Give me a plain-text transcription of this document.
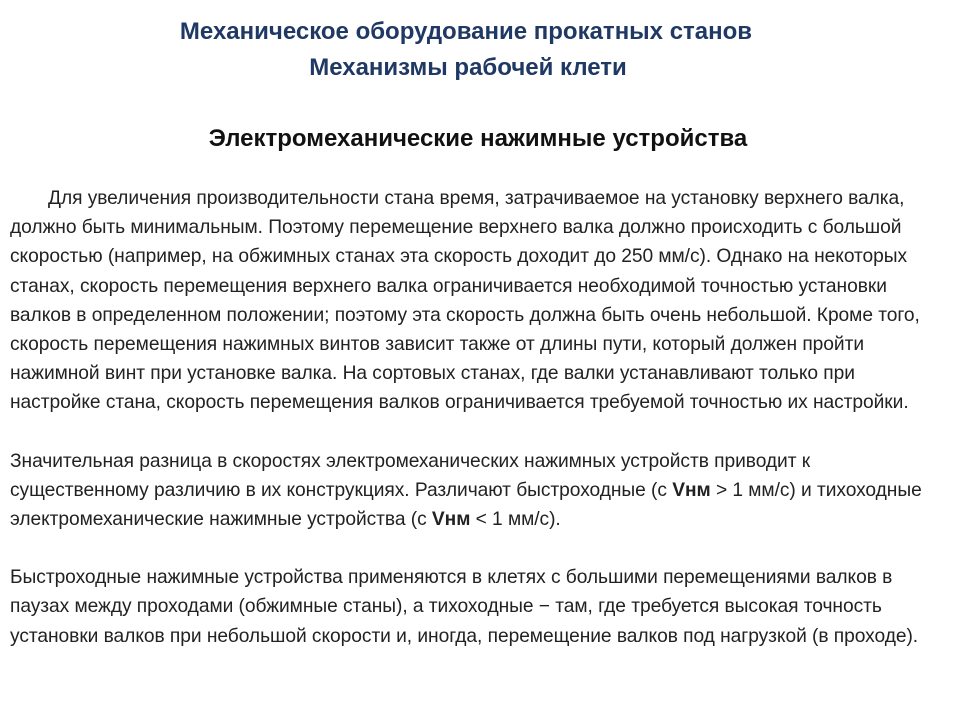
Механическое оборудование прокатных станов
Механизмы рабочей клети
Электромеханические нажимные устройства

Для увеличения производительности стана время, затрачиваемое на установку верхнего валка, должно быть минимальным. Поэтому перемещение верхнего валка должно происходить с большой скоростью (например, на обжимных станах эта скорость доходит до 250 мм/с). Однако на некоторых станах, скорость перемещения верхнего валка ограничивается необходимой точностью установки валков в определенном положении; поэтому эта скорость должна быть очень небольшой. Кроме того, скорость перемещения нажимных винтов зависит также от длины пути, который должен пройти нажимной винт при установке валка. На сортовых станах, где валки устанавливают только при настройке стана, скорость перемещения валков ограничивается требуемой точностью их настройки.

Значительная разница в скоростях электромеханических нажимных устройств приводит к существенному различию в их конструкциях. Различают быстроходные (с Vнм > 1 мм/с) и тихоходные электромеханические нажимные устройства (с Vнм < 1 мм/с).

Быстроходные нажимные устройства применяются в клетях с большими перемещениями валков в паузах между проходами (обжимные станы), а тихоходные − там, где требуется высокая точность установки валков при небольшой скорости и, иногда, перемещение валков под нагрузкой (в проходе).
